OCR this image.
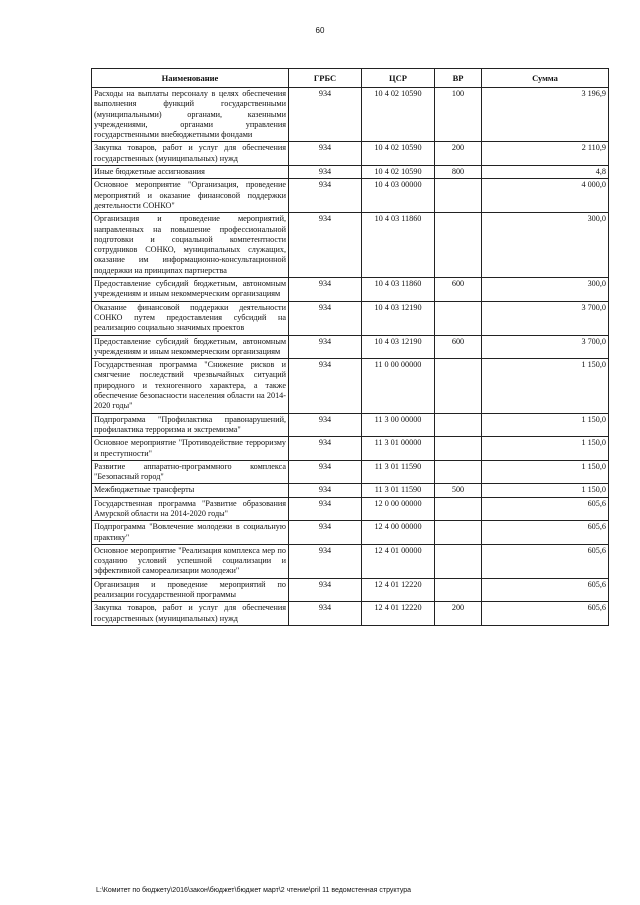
60
Наименование	ГРБС	ЦСР	ВР	Сумма
Расходы на выплаты персоналу в целях обеспечения выполнения функций государственными (муниципальными) органами, казенными учреждениями, органами управления государственными внебюджетными фондами	934	10 4 02 10590	100	3 196,9
Закупка товаров, работ и услуг для обеспечения государственных (муниципальных) нужд	934	10 4 02 10590	200	2 110,9
Иные бюджетные ассигнования	934	10 4 02 10590	800	4,8
Основное мероприятие "Организация, проведение мероприятий и оказание финансовой поддержки деятельности СОНКО"	934	10 4 03 00000		4 000,0
Организация и проведение мероприятий, направленных на повышение профессиональной подготовки и социальной компетентности сотрудников СОНКО, муниципальных служащих, оказание им информационно-консультационной поддержки на принципах партнерства	934	10 4 03 11860		300,0
Предоставление субсидий бюджетным, автономным учреждениям и иным некоммерческим организациям	934	10 4 03 11860	600	300,0
Оказание финансовой поддержки деятельности СОНКО путем предоставления субсидий на реализацию социально значимых проектов	934	10 4 03 12190		3 700,0
Предоставление субсидий бюджетным, автономным учреждениям и иным некоммерческим организациям	934	10 4 03 12190	600	3 700,0
Государственная программа "Снижение рисков и смягчение последствий чрезвычайных ситуаций природного и техногенного характера, а также обеспечение безопасности населения области на 2014-2020 годы"	934	11 0 00 00000		1 150,0
Подпрограмма "Профилактика правонарушений, профилактика терроризма и экстремизма"	934	11 3 00 00000		1 150,0
Основное мероприятие "Противодействие терроризму и преступности"	934	11 3 01 00000		1 150,0
Развитие аппаратно-программного комплекса "Безопасный город"	934	11 3 01 11590		1 150,0
Межбюджетные трансферты	934	11 3 01 11590	500	1 150,0
Государственная программа "Развитие образования Амурской области на 2014-2020 годы"	934	12 0 00 00000		605,6
Подпрограмма "Вовлечение молодежи в социальную практику"	934	12 4 00 00000		605,6
Основное мероприятие "Реализация комплекса мер по созданию условий успешной социализации и эффективной самореализации молодежи"	934	12 4 01 00000		605,6
Организация и проведение мероприятий по реализации государственной программы	934	12 4 01 12220		605,6
Закупка товаров, работ и услуг для обеспечения государственных (муниципальных) нужд	934	12 4 01 12220	200	605,6
L:\Комитет по бюджету\2016\закон\бюджет\бюджет март\2 чтение\pril 11 ведомстенная структура
